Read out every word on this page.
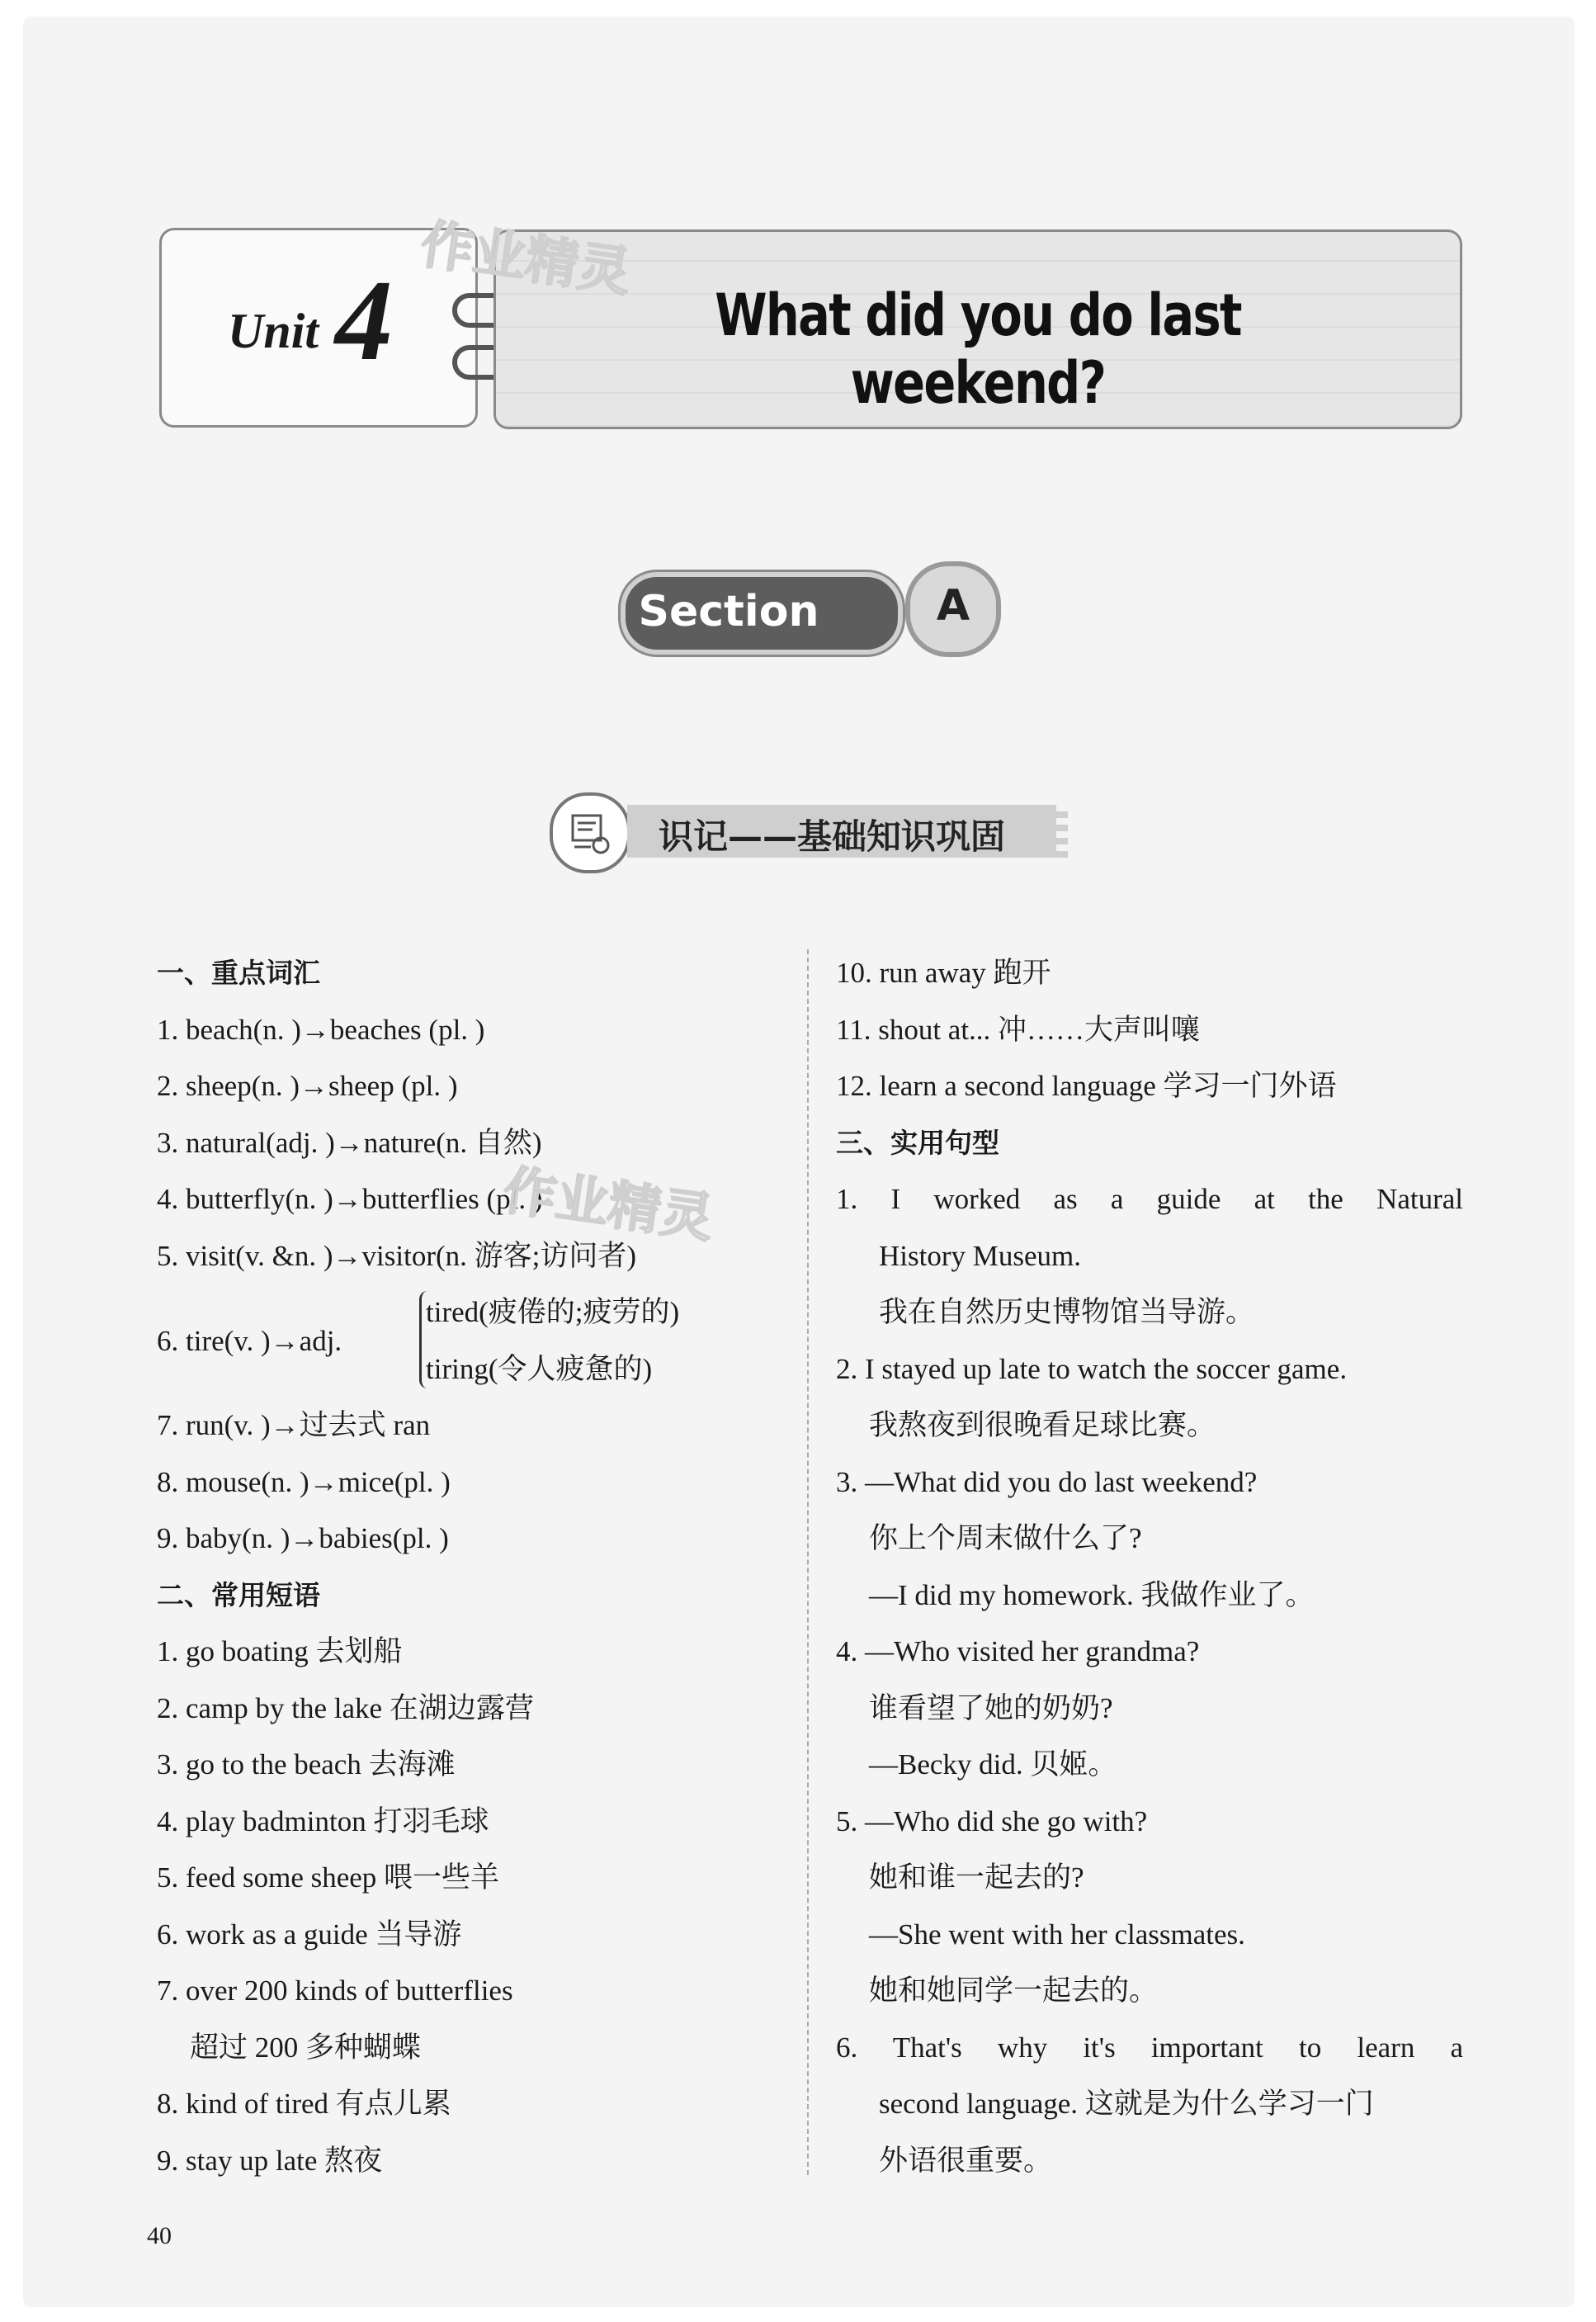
Unit 4	What did you do last weekend?
作业精灵
Section	A
识记——基础知识巩固
一、重点词汇
1. beach(n. )→beaches (pl. )
2. sheep(n. )→sheep (pl. )
3. natural(adj. )→nature(n. 自然)
4. butterfly(n. )→butterflies (pl. )
5. visit(v. &n. )→visitor(n. 游客;访问者)
6. tire(v. )→adj.
tired(疲倦的;疲劳的)
tiring(令人疲惫的)
7. run(v. )→过去式 ran
8. mouse(n. )→mice(pl. )
9. baby(n. )→babies(pl. )
二、常用短语
1. go boating 去划船
2. camp by the lake 在湖边露营
3. go to the beach 去海滩
4. play badminton 打羽毛球
5. feed some sheep 喂一些羊
6. work as a guide 当导游
7. over 200 kinds of butterflies
超过 200 多种蝴蝶
8. kind of tired 有点儿累
9. stay up late 熬夜
作业精灵
10. run away 跑开
11. shout at... 冲……大声叫嚷
12. learn a second language 学习一门外语
三、实用句型
1. I worked as a guide at the Natural
History Museum.
我在自然历史博物馆当导游。
2. I stayed up late to watch the soccer game.
我熬夜到很晚看足球比赛。
3. —What did you do last weekend?
你上个周末做什么了?
—I did my homework. 我做作业了。
4. —Who visited her grandma?
谁看望了她的奶奶?
—Becky did. 贝姬。
5. —Who did she go with?
她和谁一起去的?
—She went with her classmates.
她和她同学一起去的。
6. That's why it's important to learn a
second language. 这就是为什么学习一门
外语很重要。
40
